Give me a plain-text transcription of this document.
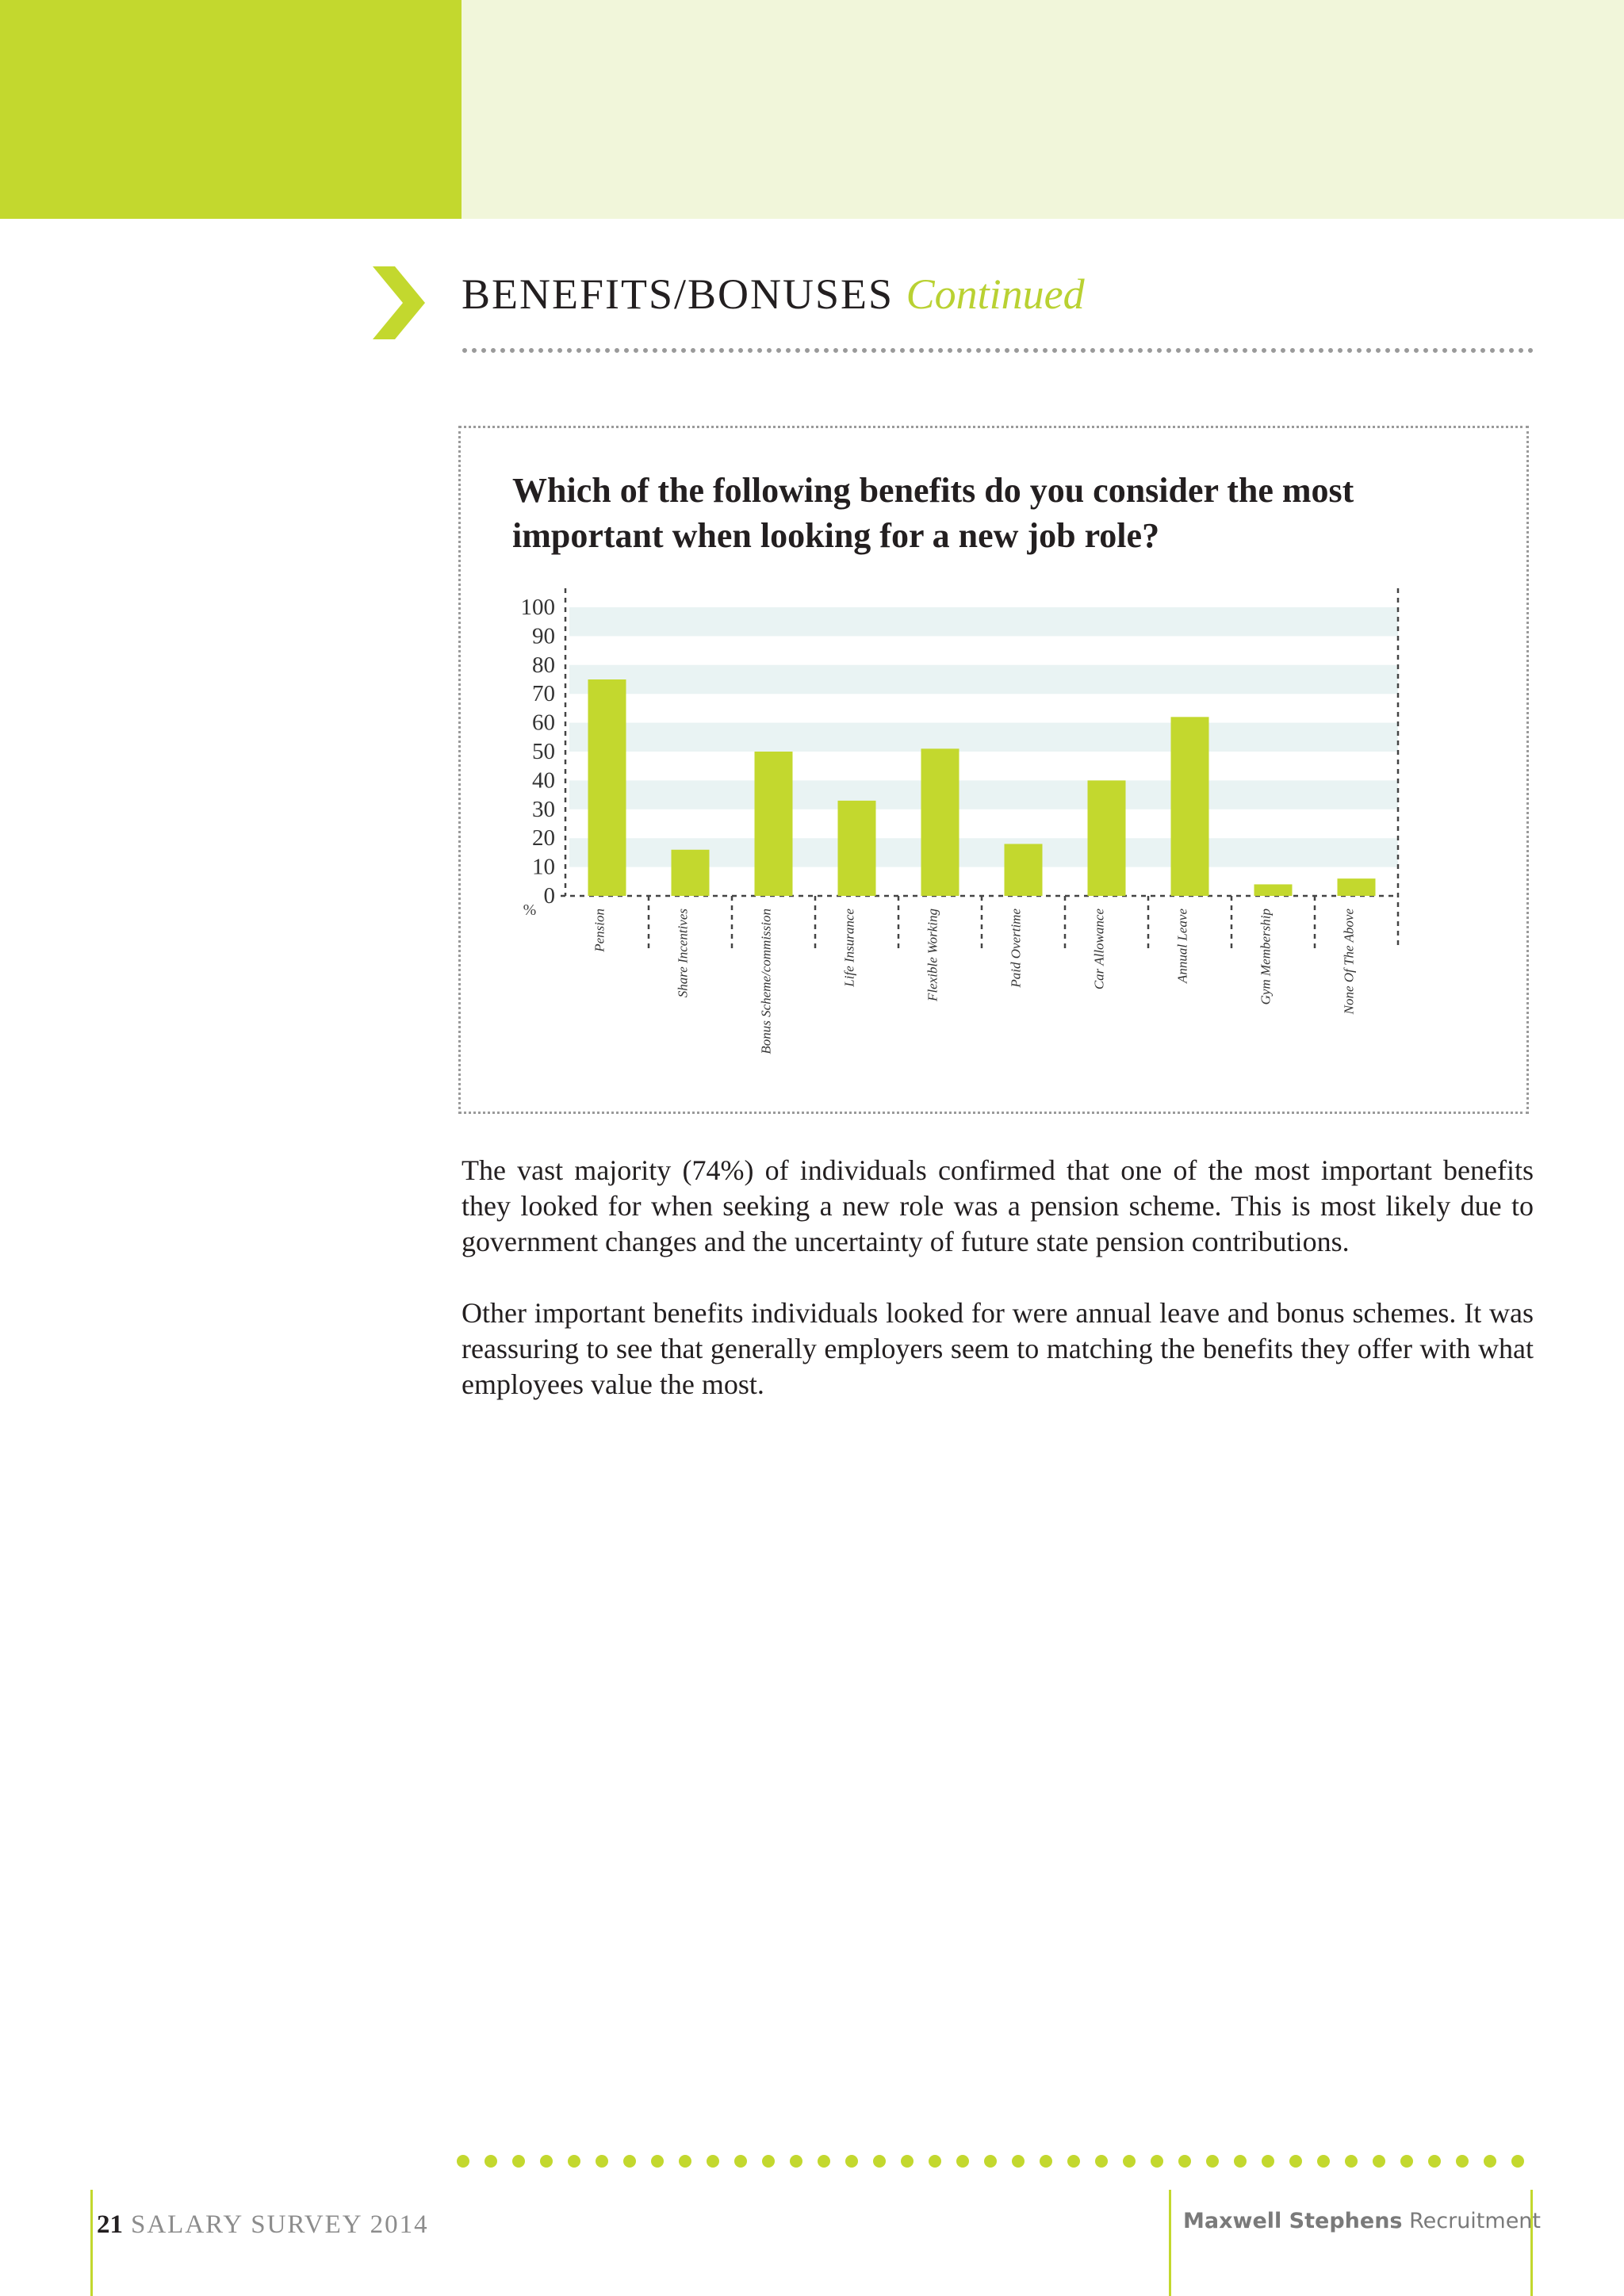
BENEFITS/BONUSES Continued
Which of the following benefits do you consider the most important when looking for a new job role?
0
10
20
30
40
50
60
70
80
90
100
%	Pension	Share Incentives	Bonus Scheme/commission	Life Insurance	Flexible Working	Paid Overtime	Car Allowance	Annual Leave	Gym Membership	None Of The Above

The vast majority (74%) of individuals confirmed that one of the most important benefits they looked for when seeking a new role was a pension scheme. This is most likely due to government changes and the uncertainty of future state pension contributions.

Other important benefits individuals looked for were annual leave and bonus schemes. It was reassuring to see that generally employers seem to matching the benefits they offer with what employees value the most.

21 SALARY SURVEY 2014	Maxwell Stephens Recruitment
